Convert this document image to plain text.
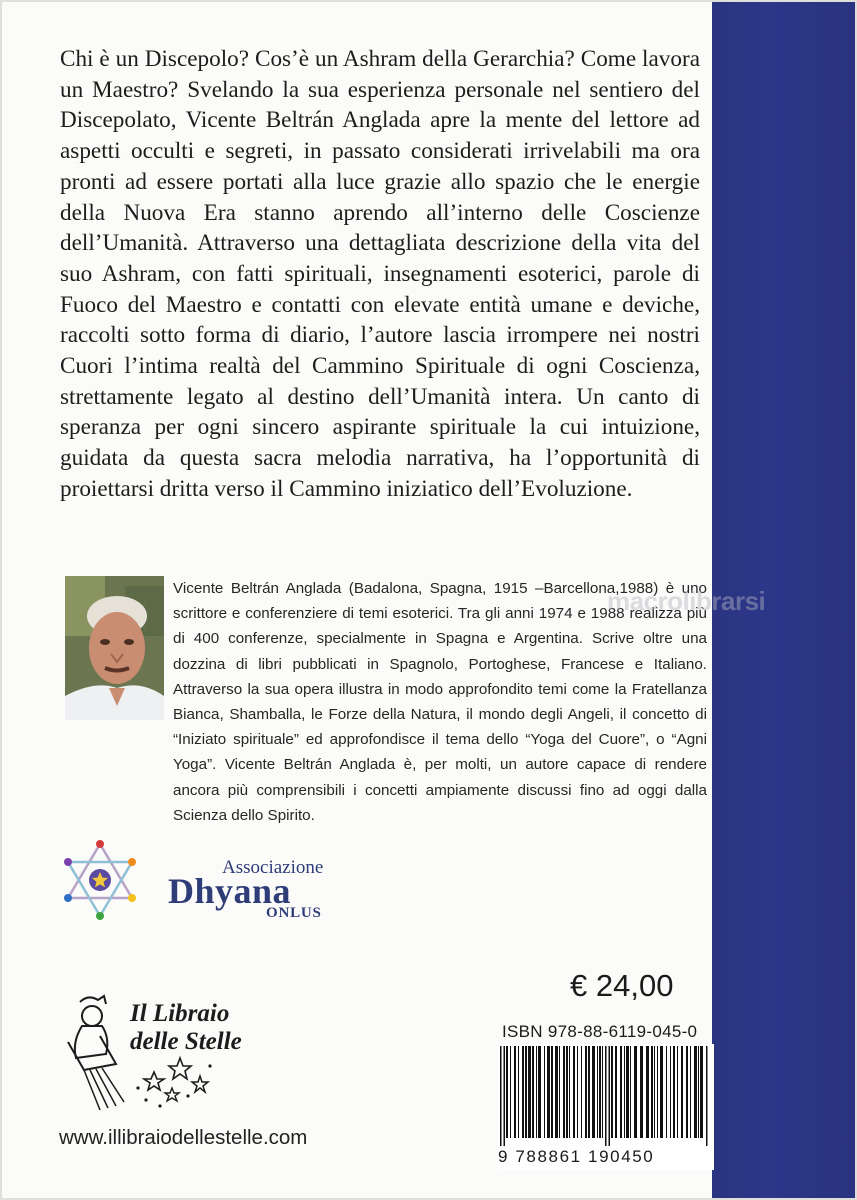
Chi è un Discepolo? Cos’è un Ashram della Gerarchia? Come lavora un Maestro? Svelando la sua esperienza personale nel sentiero del Discepolato, Vicente Beltrán Anglada apre la mente del lettore ad aspetti occulti e segreti, in passato considerati irrivelabili ma ora pronti ad essere portati alla luce grazie allo spazio che le energie della Nuova Era stanno aprendo all’interno delle Coscienze dell’Umanità. Attraverso una dettagliata descrizione della vita del suo Ashram, con fatti spirituali, insegnamenti esoterici, parole di Fuoco del Maestro e contatti con elevate entità umane e deviche, raccolti sotto forma di diario, l’autore lascia irrompere nei nostri Cuori l’intima realtà del Cammino Spirituale di ogni Coscienza, strettamente legato al destino dell’Umanità intera. Un canto di speranza per ogni sincero aspirante spirituale la cui intuizione, guidata da questa sacra melodia narrativa, ha l’opportunità di proiettarsi dritta verso il Cammino iniziatico dell’Evoluzione.

Vicente Beltrán Anglada (Badalona, Spagna, 1915 –Barcellona,1988) è uno scrittore e conferenziere di temi esoterici. Tra gli anni 1974 e 1988 realizza più di 400 conferenze, specialmente in Spagna e Argentina. Scrive oltre una dozzina di libri pubblicati in Spagnolo, Portoghese, Francese e Italiano. Attraverso la sua opera illustra in modo approfondito temi come la Fratellanza Bianca, Shamballa, le Forze della Natura, il mondo degli Angeli, il concetto di “Iniziato spirituale” ed approfondisce il tema dello “Yoga del Cuore”, o “Agni Yoga”. Vicente Beltrán Anglada è, per molti, un autore capace di rendere ancora più comprensibili i concetti ampiamente discussi fino ad oggi dalla Scienza dello Spirito.

macrolibrarsi
Associazione
Dhyana
ONLUS
€ 24,00
ISBN 978-88-6119-045-0
9 788861 190450
Il Libraio
delle Stelle
www.illibraiodellestelle.com
